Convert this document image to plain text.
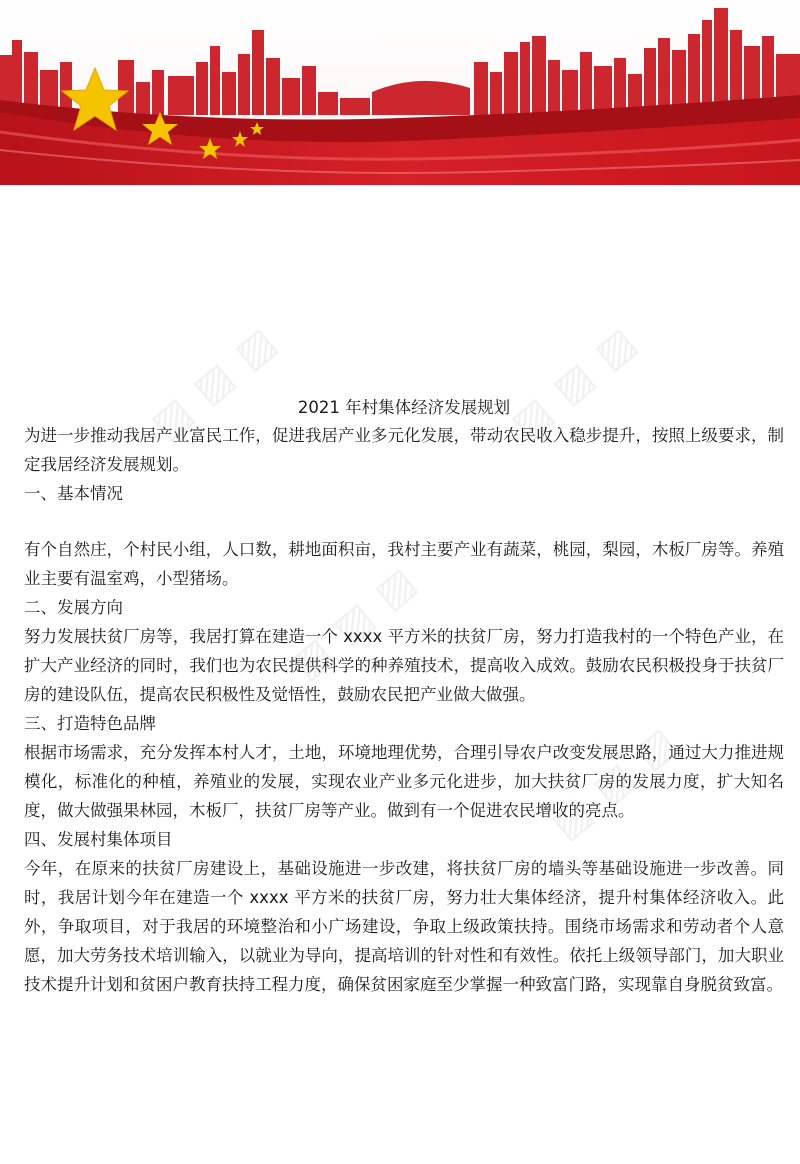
▨ ▨ ▨	▨ ▨ ▨
▨ ▨ ▨
▨ ▨ ▨
2021 年村集体经济发展规划

为进一步推动我居产业富民工作，促进我居产业多元化发展，带动农民收入稳步提升，按照上级要求，制定我居经济发展规划。

一、基本情况

有个自然庄，个村民小组，人口数，耕地面积亩，我村主要产业有蔬菜，桃园，梨园，木板厂房等。养殖业主要有温室鸡，小型猪场。

二、发展方向

努力发展扶贫厂房等，我居打算在建造一个 xxxx 平方米的扶贫厂房，努力打造我村的一个特色产业，在扩大产业经济的同时，我们也为农民提供科学的种养殖技术，提高收入成效。鼓励农民积极投身于扶贫厂房的建设队伍，提高农民积极性及觉悟性，鼓励农民把产业做大做强。

三、打造特色品牌

根据市场需求，充分发挥本村人才，土地，环境地理优势，合理引导农户改变发展思路，通过大力推进规模化，标准化的种植，养殖业的发展，实现农业产业多元化进步，加大扶贫厂房的发展力度，扩大知名度，做大做强果林园，木板厂，扶贫厂房等产业。做到有一个促进农民增收的亮点。

四、发展村集体项目

今年，在原来的扶贫厂房建设上，基础设施进一步改建，将扶贫厂房的墙头等基础设施进一步改善。同时，我居计划今年在建造一个 xxxx 平方米的扶贫厂房，努力壮大集体经济，提升村集体经济收入。此外，争取项目，对于我居的环境整治和小广场建设，争取上级政策扶持。围绕市场需求和劳动者个人意愿，加大劳务技术培训输入，以就业为导向，提高培训的针对性和有效性。依托上级领导部门，加大职业技术提升计划和贫困户教育扶持工程力度，确保贫困家庭至少掌握一种致富门路，实现靠自身脱贫致富。
